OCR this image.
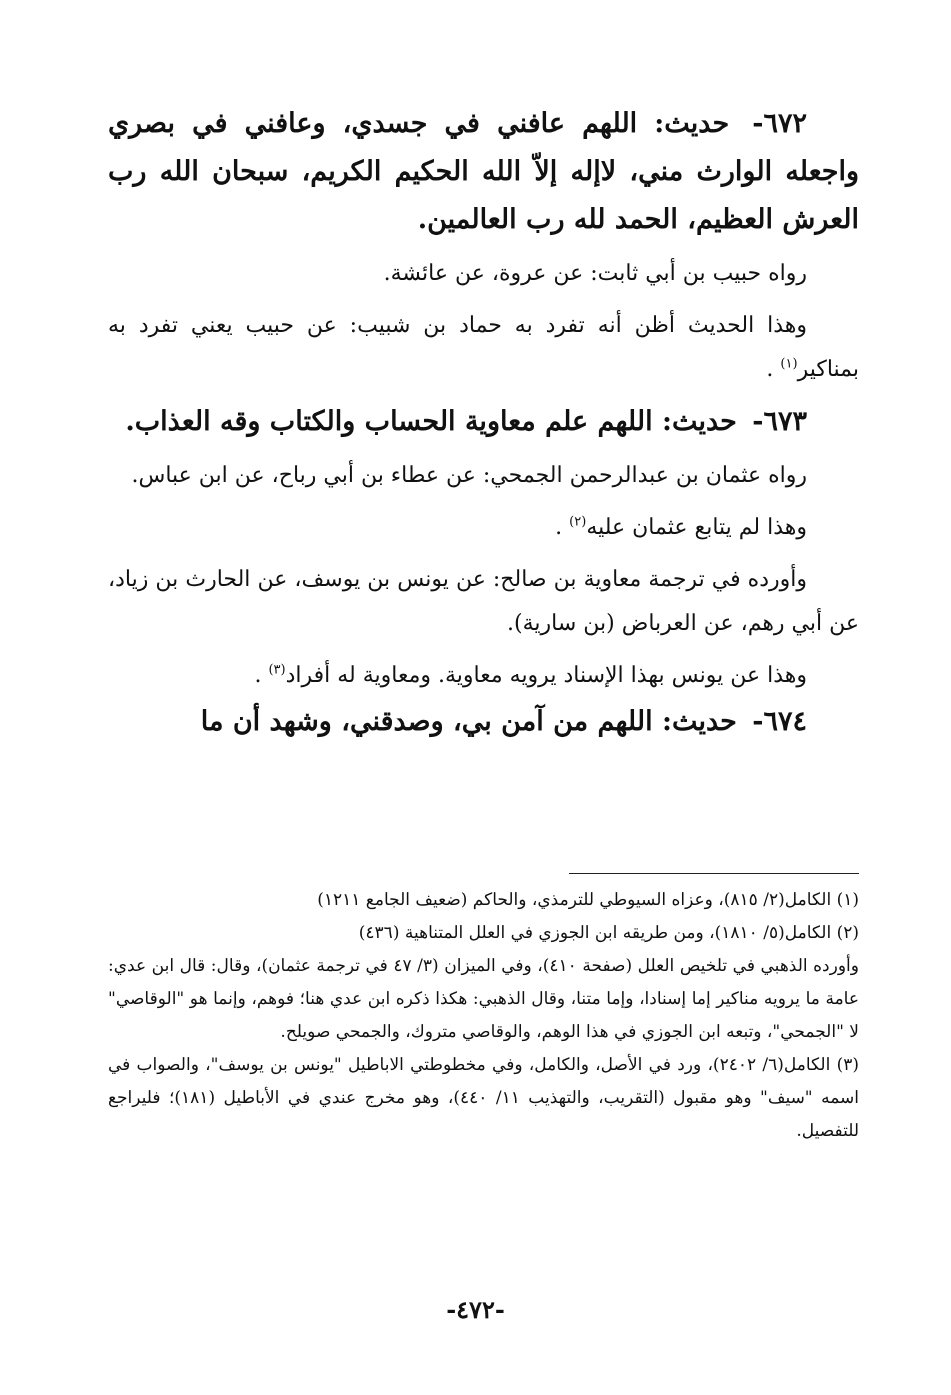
٦٧٢- حديث: اللهم عافني في جسدي، وعافني في بصري واجعله الوارث مني، لاإله إلاّ الله الحكيم الكريم، سبحان الله رب العرش العظيم، الحمد لله رب العالمين.

رواه حبيب بن أبي ثابت: عن عروة، عن عائشة.

وهذا الحديث أظن أنه تفرد به حماد بن شبيب: عن حبيب يعني تفرد به بمناكير$^{(١)}$ .

٦٧٣- حديث: اللهم علم معاوية الحساب والكتاب وقه العذاب.

رواه عثمان بن عبدالرحمن الجمحي: عن عطاء بن أبي رباح، عن ابن عباس.

وهذا لم يتابع عثمان عليه$^{(٢)}$ .

وأورده في ترجمة معاوية بن صالح: عن يونس بن يوسف، عن الحارث بن زياد، عن أبي رهم، عن العرباض (بن سارية).

وهذا عن يونس بهذا الإسناد يرويه معاوية. ومعاوية له أفراد$^{(٣)}$ .

٦٧٤- حديث: اللهم من آمن بي، وصدقني، وشهد أن ما

(١) الكامل(٢/ ٨١٥)، وعزاه السيوطي للترمذي، والحاكم (ضعيف الجامع ١٢١١)

(٢) الكامل(٥/ ١٨١٠)، ومن طريقه ابن الجوزي في العلل المتناهية (٤٣٦)

وأورده الذهبي في تلخيص العلل (صفحة ٤١٠)، وفي الميزان (٣/ ٤٧ في ترجمة عثمان)، وقال: قال ابن عدي: عامة ما يرويه مناكير إما إسنادا، وإما متنا، وقال الذهبي: هكذا ذكره ابن عدي هنا؛ فوهم، وإنما هو "الوقاصي" لا "الجمحي"، وتبعه ابن الجوزي في هذا الوهم، والوقاصي متروك، والجمحي صويلح.

(٣) الكامل(٦/ ٢٤٠٢)، ورد في الأصل، والكامل، وفي مخطوطتي الاباطيل "يونس بن يوسف"، والصواب في اسمه "سيف" وهو مقبول (التقريب، والتهذيب ١١/ ٤٤٠)، وهو مخرج عندي في الأباطيل (١٨١)؛ فليراجع للتفصيل.

-٤٧٢-
